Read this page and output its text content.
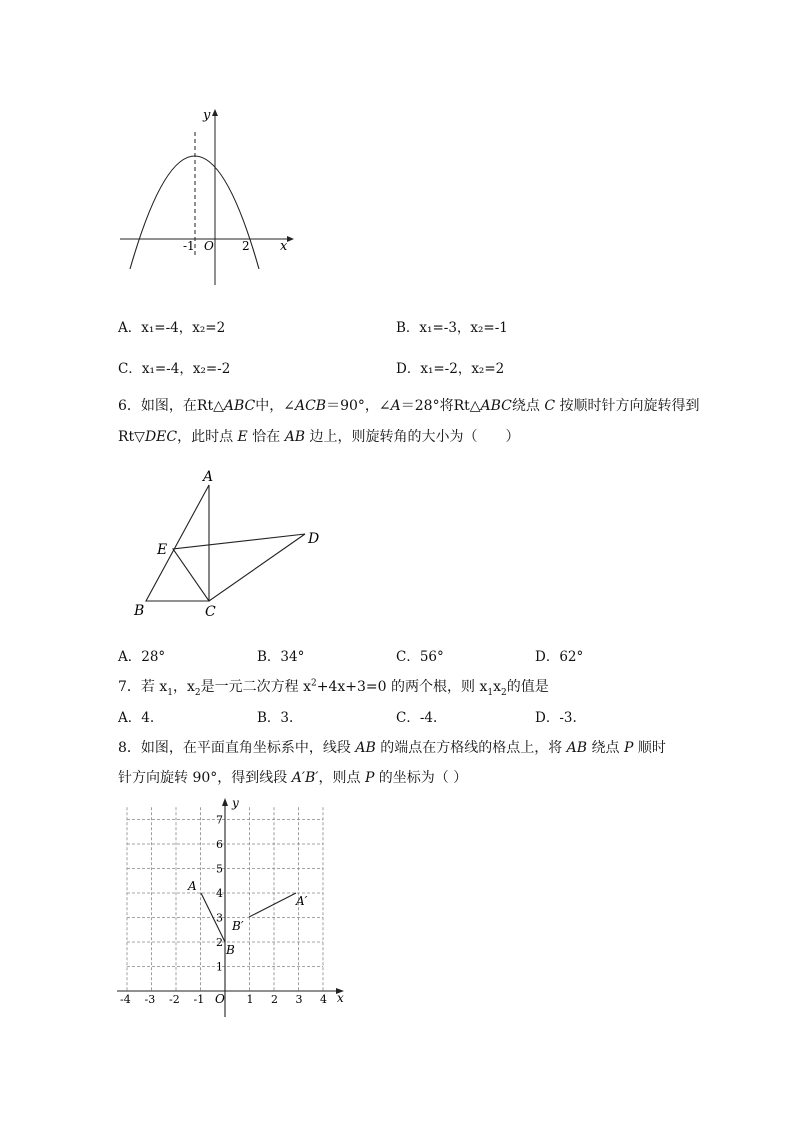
y
x
O
-1	2
A．x₁=-4，x₂=2	B．x₁=-3，x₂=-1
C．x₁=-4，x₂=-2	D．x₁=-2，x₂=2
6．如图，在Rt△ABC中，∠ACB＝90°，∠A＝28°将Rt△ABC绕点 C 按顺时针方向旋转得到
Rt▽DEC，此时点 E 恰在 AB 边上，则旋转角的大小为（　　）
A
B	C
D
E
A．28°	B．34°	C．56°	D．62°
7．若 $x_1$，$x_2$是一元二次方程 $x^2+4x+3=0$ 的两个根，则 $x_1x_2$的值是
A．4.	B．3.	C．-4.	D．-3.
8．如图，在平面直角坐标系中，线段 AB 的端点在方格线的格点上，将 AB 绕点 P 顺时
针方向旋转 90°，得到线段 A′B′，则点 P 的坐标为（ ）
-4 -3 -2 -1	1 2 3 4
1
2
3
4
5
6
7
x
y
O
A
B
A′
B′
